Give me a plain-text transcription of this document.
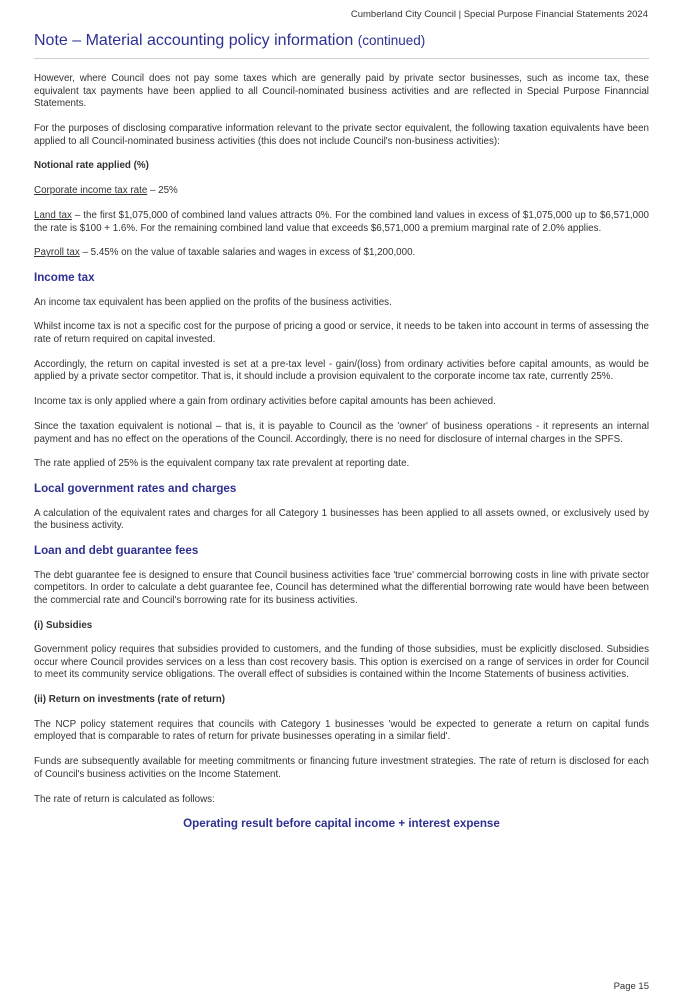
Cumberland City Council | Special Purpose Financial Statements 2024
Note – Material accounting policy information (continued)

However, where Council does not pay some taxes which are generally paid by private sector businesses, such as income tax, these equivalent tax payments have been applied to all Council-nominated business activities and are reflected in Special Purpose Finanncial Statements.

For the purposes of disclosing comparative information relevant to the private sector equivalent, the following taxation equivalents have been applied to all Council-nominated business activities (this does not include Council's non-business activities):

Notional rate applied (%)

Corporate income tax rate – 25%

Land tax – the first $1,075,000 of combined land values attracts 0%. For the combined land values in excess of $1,075,000 up to $6,571,000 the rate is $100 + 1.6%. For the remaining combined land value that exceeds $6,571,000 a premium marginal rate of 2.0% applies.

Payroll tax – 5.45% on the value of taxable salaries and wages in excess of $1,200,000.

Income tax

An income tax equivalent has been applied on the profits of the business activities.

Whilst income tax is not a specific cost for the purpose of pricing a good or service, it needs to be taken into account in terms of assessing the rate of return required on capital invested.

Accordingly, the return on capital invested is set at a pre-tax level - gain/(loss) from ordinary activities before capital amounts, as would be applied by a private sector competitor. That is, it should include a provision equivalent to the corporate income tax rate, currently 25%.

Income tax is only applied where a gain from ordinary activities before capital amounts has been achieved.

Since the taxation equivalent is notional – that is, it is payable to Council as the 'owner' of business operations - it represents an internal payment and has no effect on the operations of the Council. Accordingly, there is no need for disclosure of internal charges in the SPFS.

The rate applied of 25% is the equivalent company tax rate prevalent at reporting date.

Local government rates and charges

A calculation of the equivalent rates and charges for all Category 1 businesses has been applied to all assets owned, or exclusively used by the business activity.

Loan and debt guarantee fees

The debt guarantee fee is designed to ensure that Council business activities face 'true' commercial borrowing costs in line with private sector competitors. In order to calculate a debt guarantee fee, Council has determined what the differential borrowing rate would have been between the commercial rate and Council's borrowing rate for its business activities.

(i) Subsidies

Government policy requires that subsidies provided to customers, and the funding of those subsidies, must be explicitly disclosed. Subsidies occur where Council provides services on a less than cost recovery basis. This option is exercised on a range of services in order for Council to meet its community service obligations. The overall effect of subsidies is contained within the Income Statements of business activities.

(ii) Return on investments (rate of return)

The NCP policy statement requires that councils with Category 1 businesses 'would be expected to generate a return on capital funds employed that is comparable to rates of return for private businesses operating in a similar field'.

Funds are subsequently available for meeting commitments or financing future investment strategies. The rate of return is disclosed for each of Council's business activities on the Income Statement.

The rate of return is calculated as follows:

Operating result before capital income + interest expense
Page 15
